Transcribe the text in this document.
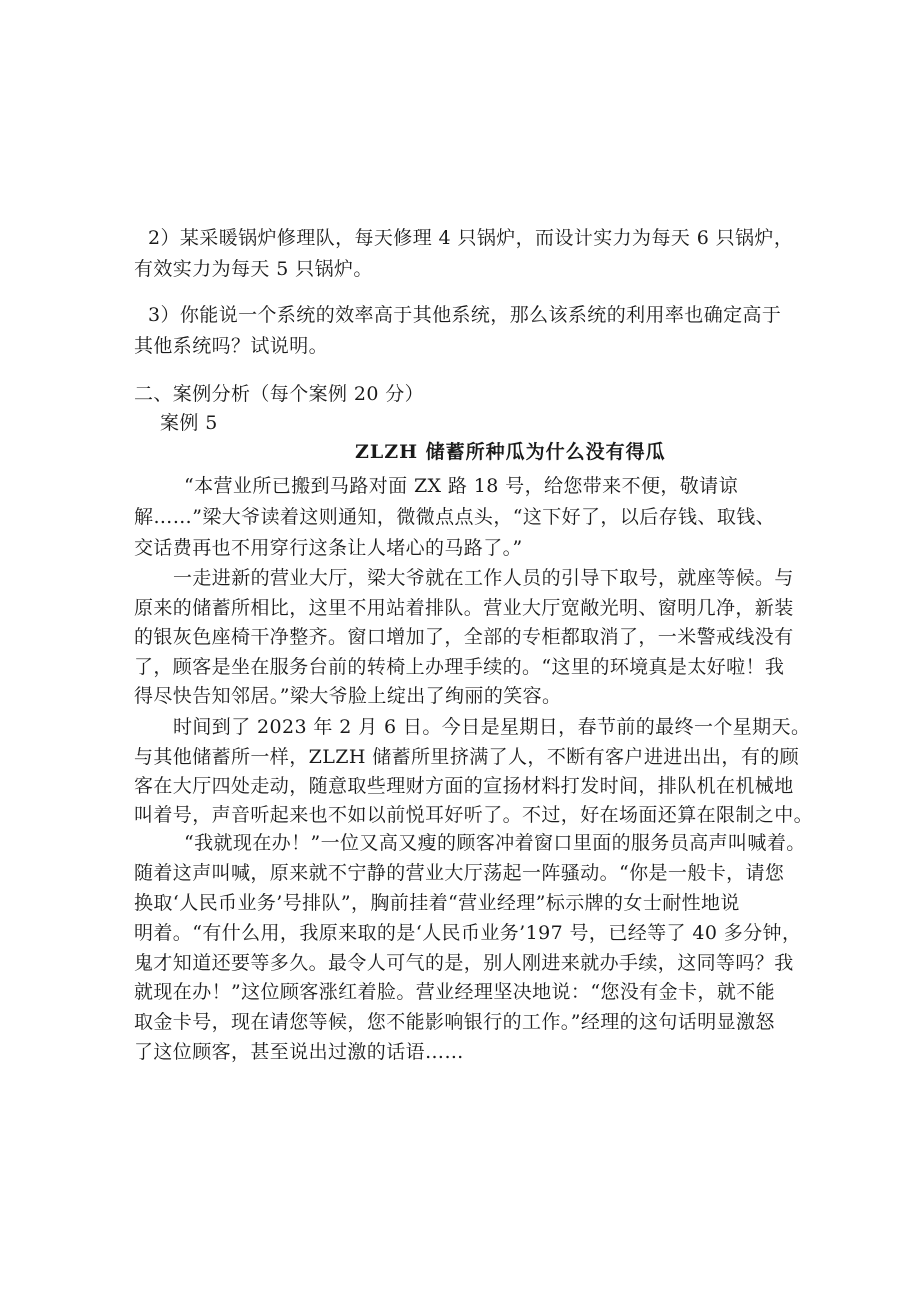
2）某采暖锅炉修理队，每天修理 4 只锅炉，而设计实力为每天 6 只锅炉，
有效实力为每天 5 只锅炉。
3）你能说一个系统的效率高于其他系统，那么该系统的利用率也确定高于
其他系统吗？试说明。
二、案例分析（每个案例 20 分）
案例 5
ZLZH 储蓄所种瓜为什么没有得瓜
“本营业所已搬到马路对面 ZX 路 18 号，给您带来不便，敬请谅
解……”梁大爷读着这则通知，微微点点头，“这下好了，以后存钱、取钱、
交话费再也不用穿行这条让人堵心的马路了。”
一走进新的营业大厅，梁大爷就在工作人员的引导下取号，就座等候。与
原来的储蓄所相比，这里不用站着排队。营业大厅宽敞光明、窗明几净，新装
的银灰色座椅干净整齐。窗口增加了，全部的专柜都取消了，一米警戒线没有
了，顾客是坐在服务台前的转椅上办理手续的。“这里的环境真是太好啦！我
得尽快告知邻居。”梁大爷脸上绽出了绚丽的笑容。
时间到了 2023 年 2 月 6 日。今日是星期日，春节前的最终一个星期天。
与其他储蓄所一样，ZLZH 储蓄所里挤满了人，不断有客户进进出出，有的顾
客在大厅四处走动，随意取些理财方面的宣扬材料打发时间，排队机在机械地
叫着号，声音听起来也不如以前悦耳好听了。不过，好在场面还算在限制之中。
“我就现在办！”一位又高又瘦的顾客冲着窗口里面的服务员高声叫喊着。
随着这声叫喊，原来就不宁静的营业大厅荡起一阵骚动。“你是一般卡，请您
换取‘人民币业务’号排队”，胸前挂着“营业经理”标示牌的女士耐性地说
明着。“有什么用，我原来取的是‘人民币业务’197 号，已经等了 40 多分钟，
鬼才知道还要等多久。最令人可气的是，别人刚进来就办手续，这同等吗？我
就现在办！”这位顾客涨红着脸。营业经理坚决地说：“您没有金卡，就不能
取金卡号，现在请您等候，您不能影响银行的工作。”经理的这句话明显激怒
了这位顾客，甚至说出过激的话语……
